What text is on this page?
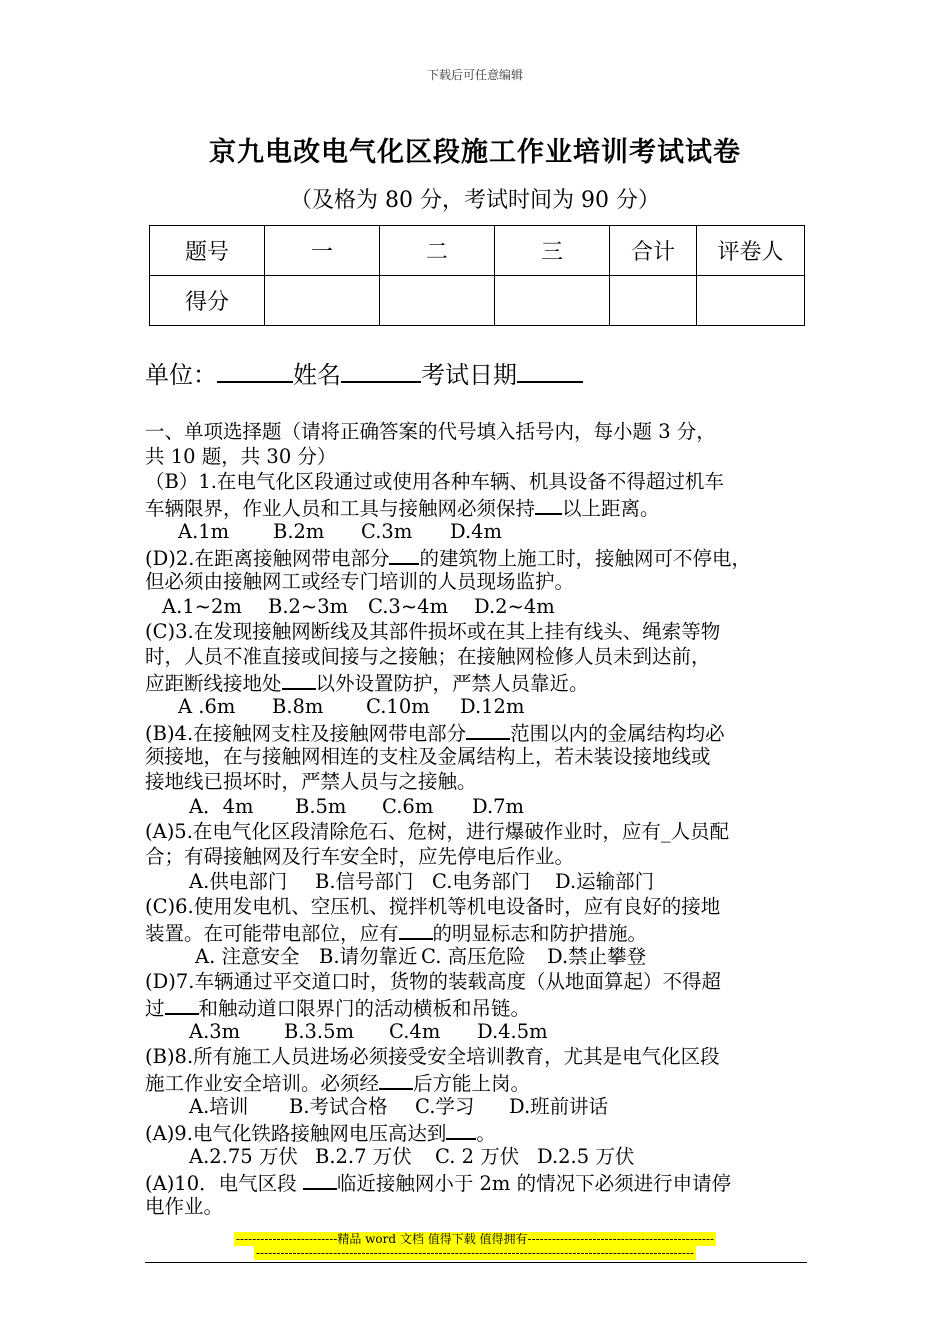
下载后可任意编辑
京九电改电气化区段施工作业培训考试试卷
（及格为 80 分，考试时间为 90 分）
题号	一	二	三	合计	评卷人
得分					
单位：	姓名	考试日期
一、单项选择题（请将正确答案的代号填入括号内，每小题 3 分，
共 10 题，共 30 分）
（B）1.在电气化区段通过或使用各种车辆、机具设备不得超过机车
车辆限界，作业人员和工具与接触网必须保持 以上距离。
A.1m B.2m C.3m D.4m
(D)2.在距离接触网带电部分 的建筑物上施工时，接触网可不停电，
但必须由接触网工或经专门培训的人员现场监护。
A.1~2m B.2~3m C.3~4m D.2~4m
(C)3.在发现接触网断线及其部件损坏或在其上挂有线头、绳索等物
时，人员不准直接或间接与之接触；在接触网检修人员未到达前，
应距断线接地处 以外设置防护，严禁人员靠近。
A .6m B.8m C.10m D.12m
(B)4.在接触网支柱及接触网带电部分 范围以内的金属结构均必
须接地，在与接触网相连的支柱及金属结构上，若未装设接地线或
接地线已损坏时，严禁人员与之接触。
A．4m B.5m C.6m D.7m
(A)5.在电气化区段清除危石、危树，进行爆破作业时，应有_人员配
合；有碍接触网及行车安全时，应先停电后作业。
A.供电部门 B.信号部门 C.电务部门 D.运输部门
(C)6.使用发电机、空压机、搅拌机等机电设备时，应有良好的接地
装置。在可能带电部位，应有 的明显标志和防护措施。
A. 注意安全 B.请勿靠近 C. 高压危险 D.禁止攀登
(D)7.车辆通过平交道口时，货物的装载高度（从地面算起）不得超
过 和触动道口限界门的活动横板和吊链。
A.3m B.3.5m C.4m D.4.5m
(B)8.所有施工人员进场必须接受安全培训教育，尤其是电气化区段
施工作业安全培训。必须经 后方能上岗。
A.培训 B.考试合格 C.学习 D.班前讲话
(A)9.电气化铁路接触网电压高达到 。
A.2.75 万伏 B.2.7 万伏 C. 2 万伏 D.2.5 万伏
(A)10．电气区段 临近接触网小于 2m 的情况下必须进行申请停
电作业。
-------------------------精品 word 文档 值得下载 值得拥有----------------------------------------------
------------------------------------------------------------------------------------------------------------
